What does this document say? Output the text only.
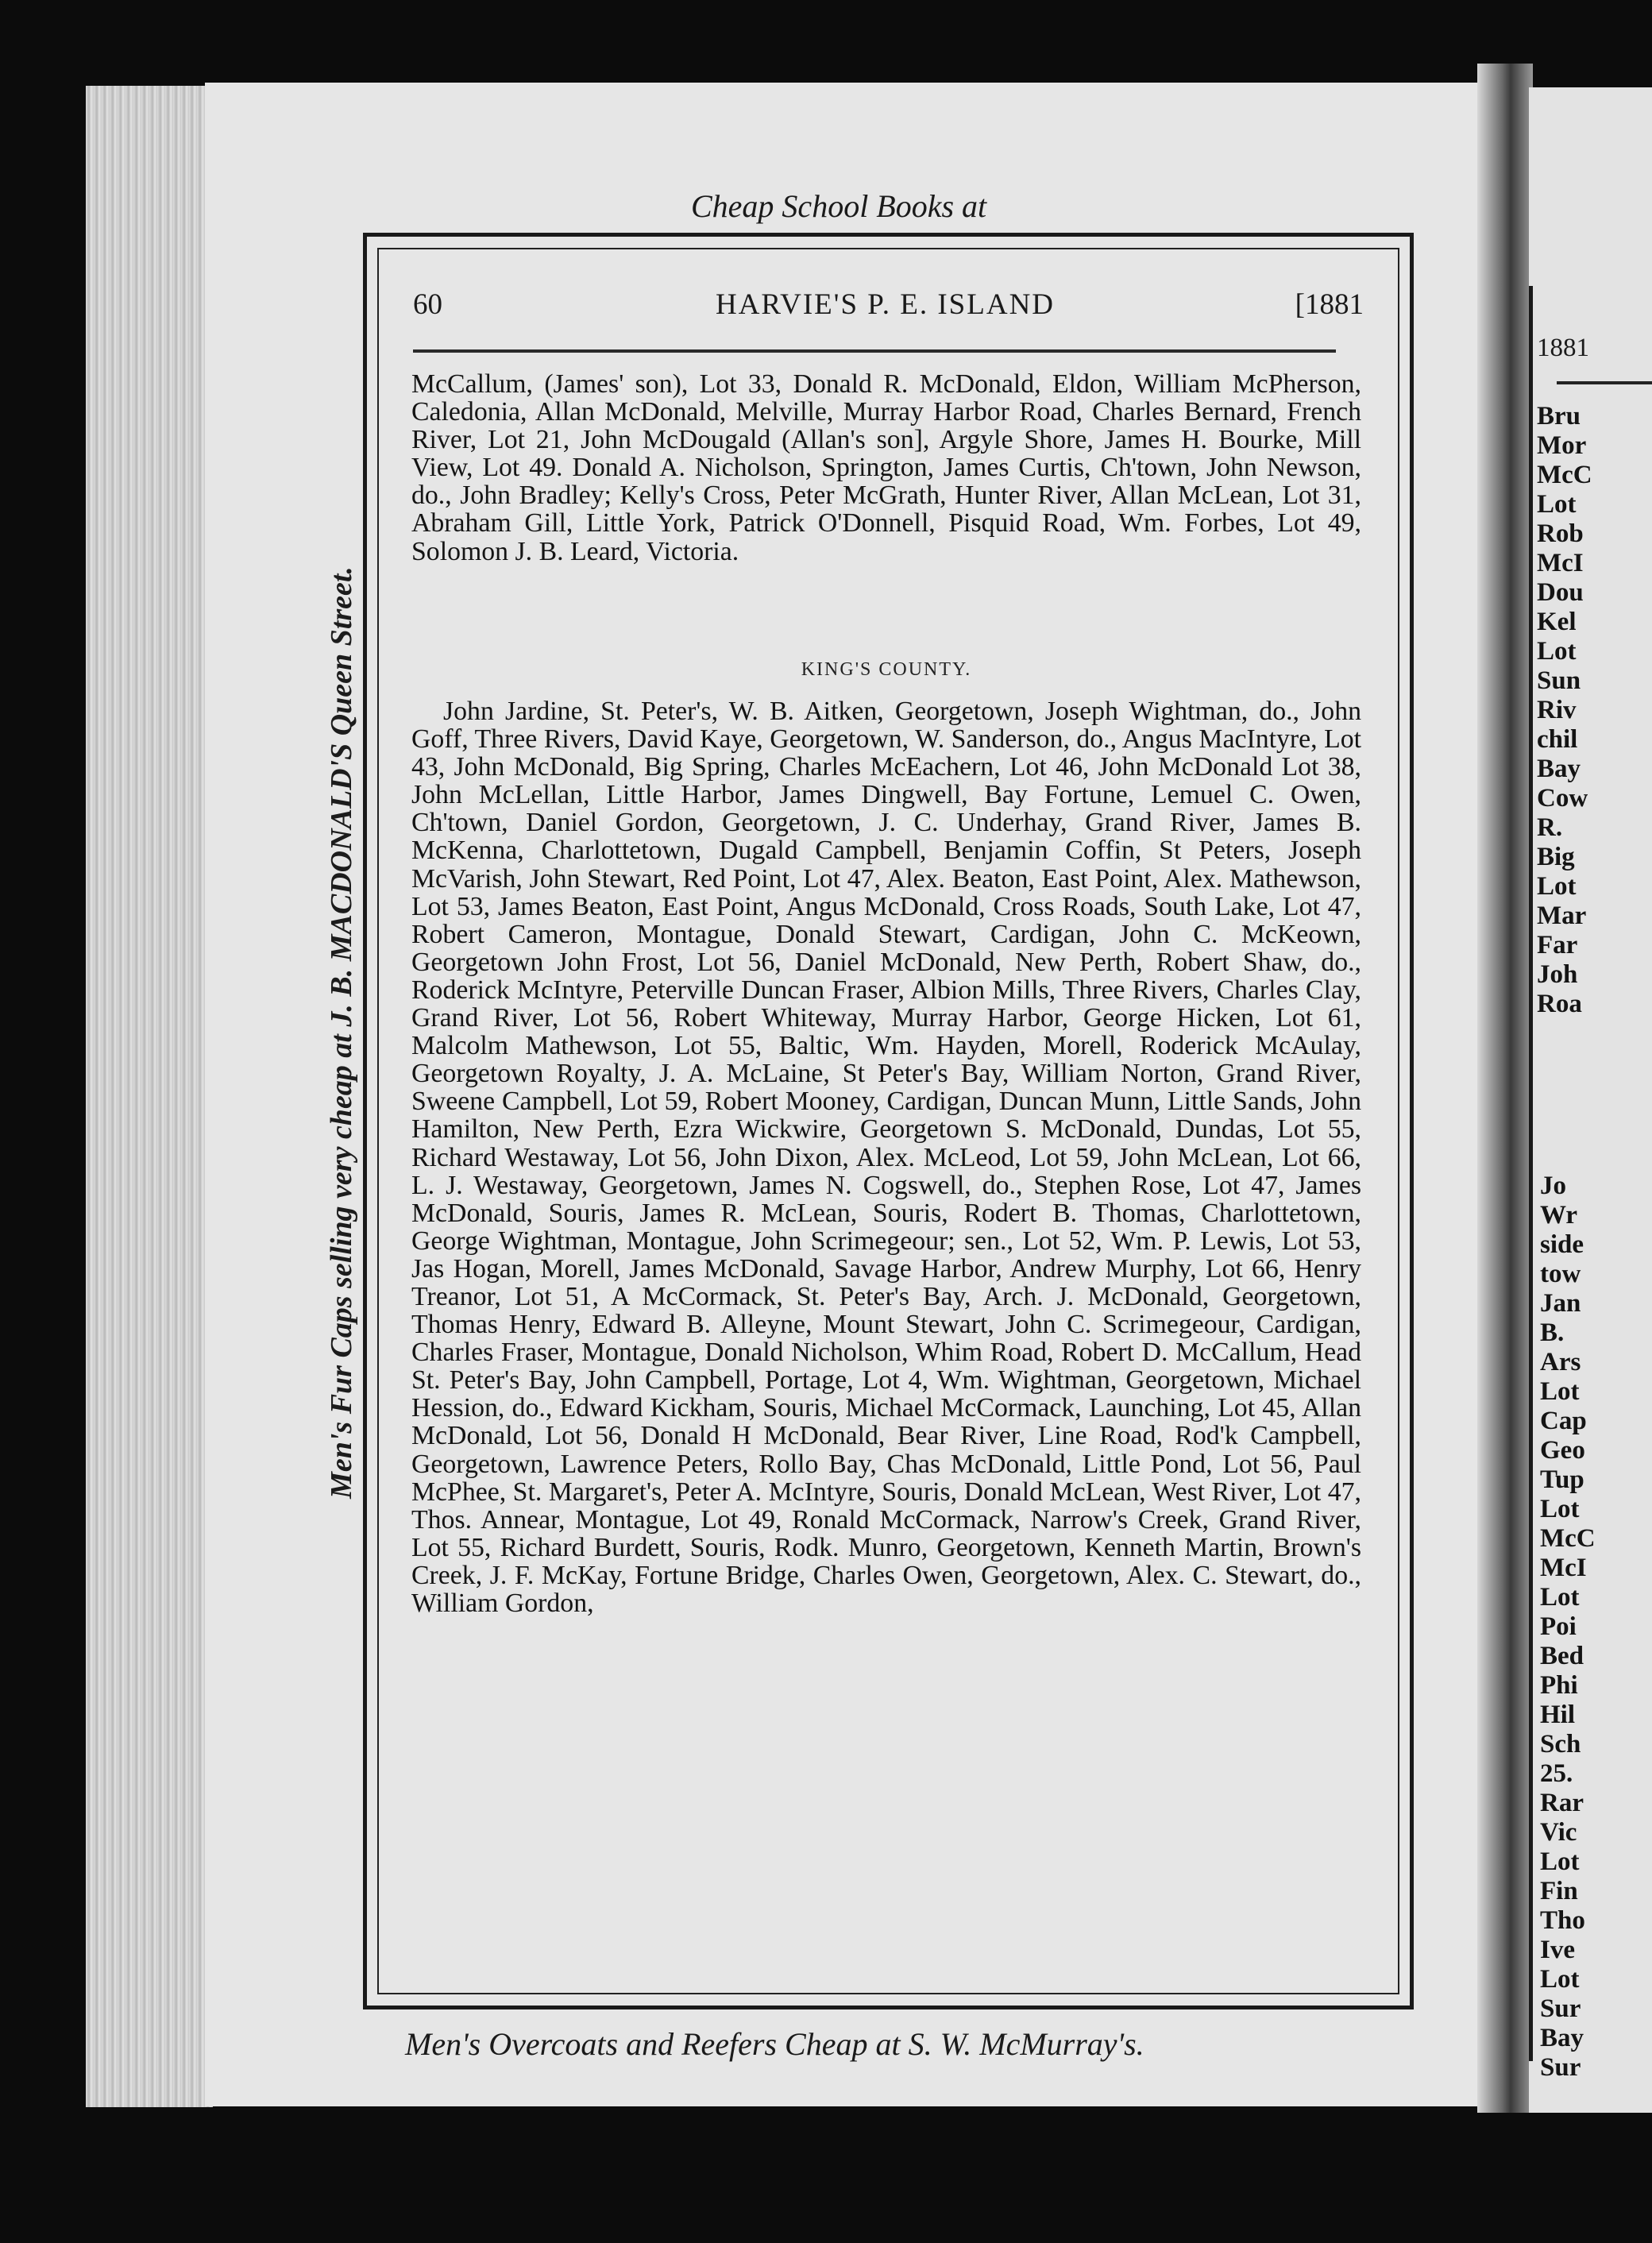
1881
Bru
Mor
McC
Lot
Rob
McI
Dou
Kel
Lot
Sun
Riv
chil
Bay
Cow
R.
Big
Lot
Mar
Far
Joh
Roa
Jo
Wr
side
tow
Jan
B.
Ars
Lot
Cap
Geo
Tup
Lot
McC
McI
Lot
Poi
Bed
Phi
Hil
Sch
25.
Rar
Vic
Lot
Fin
Tho
Ive
Lot
Sur
Bay
Sur
Cheap School Books at
Men's Fur Caps selling very cheap at J. B. MACDONALD'S Queen Street.
60	HARVIE'S P. E. ISLAND	[1881
McCallum, (James' son), Lot 33, Donald R. McDonald, Eldon, William McPherson, Caledonia, Allan McDonald, Melville, Murray Harbor Road, Charles Bernard, French River, Lot 21, John McDougald (Allan's son], Argyle Shore, James H. Bourke, Mill View, Lot 49. Donald A. Nicholson, Springton, James Curtis, Ch'town, John Newson, do., John Bradley; Kelly's Cross, Peter McGrath, Hunter River, Allan McLean, Lot 31, Abraham Gill, Little York, Patrick O'Donnell, Pisquid Road, Wm. Forbes, Lot 49, Solomon J. B. Leard, Victoria.
KING'S COUNTY.
John Jardine, St. Peter's, W. B. Aitken, Georgetown, Joseph Wightman, do., John Goff, Three Rivers, David Kaye, Georgetown, W. Sanderson, do., Angus MacIntyre, Lot 43, John McDonald, Big Spring, Charles McEachern, Lot 46, John McDonald Lot 38, John McLellan, Little Harbor, James Dingwell, Bay Fortune, Lemuel C. Owen, Ch'town, Daniel Gordon, Georgetown, J. C. Underhay, Grand River, James B. McKenna, Charlottetown, Dugald Campbell, Benjamin Coffin, St Peters, Joseph McVarish, John Stewart, Red Point, Lot 47, Alex. Beaton, East Point, Alex. Mathewson, Lot 53, James Beaton, East Point, Angus McDonald, Cross Roads, South Lake, Lot 47, Robert Cameron, Montague, Donald Stewart, Cardigan, John C. McKeown, Georgetown John Frost, Lot 56, Daniel McDonald, New Perth, Robert Shaw, do., Roderick McIntyre, Peterville Duncan Fraser, Albion Mills, Three Rivers, Charles Clay, Grand River, Lot 56, Robert Whiteway, Murray Harbor, George Hicken, Lot 61, Malcolm Mathewson, Lot 55, Baltic, Wm. Hayden, Morell, Roderick McAulay, Georgetown Royalty, J. A. McLaine, St Peter's Bay, William Norton, Grand River, Sweene Campbell, Lot 59, Robert Mooney, Cardigan, Duncan Munn, Little Sands, John Hamilton, New Perth, Ezra Wickwire, Georgetown S. McDonald, Dundas, Lot 55, Richard Westaway, Lot 56, John Dixon, Alex. McLeod, Lot 59, John McLean, Lot 66, L. J. Westaway, Georgetown, James N. Cogswell, do., Stephen Rose, Lot 47, James McDonald, Souris, James R. McLean, Souris, Rodert B. Thomas, Charlottetown, George Wightman, Montague, John Scrimegeour; sen., Lot 52, Wm. P. Lewis, Lot 53, Jas Hogan, Morell, James McDonald, Savage Harbor, Andrew Murphy, Lot 66, Henry Treanor, Lot 51, A McCormack, St. Peter's Bay, Arch. J. McDonald, Georgetown, Thomas Henry, Edward B. Alleyne, Mount Stewart, John C. Scrimegeour, Cardigan, Charles Fraser, Montague, Donald Nicholson, Whim Road, Robert D. McCallum, Head St. Peter's Bay, John Campbell, Portage, Lot 4, Wm. Wightman, Georgetown, Michael Hession, do., Edward Kickham, Souris, Michael McCormack, Launching, Lot 45, Allan McDonald, Lot 56, Donald H McDonald, Bear River, Line Road, Rod'k Campbell, Georgetown, Lawrence Peters, Rollo Bay, Chas McDonald, Little Pond, Lot 56, Paul McPhee, St. Margaret's, Peter A. McIntyre, Souris, Donald McLean, West River, Lot 47, Thos. Annear, Montague, Lot 49, Ronald McCormack, Narrow's Creek, Grand River, Lot 55, Richard Burdett, Souris, Rodk. Munro, Georgetown, Kenneth Martin, Brown's Creek, J. F. McKay, Fortune Bridge, Charles Owen, Georgetown, Alex. C. Stewart, do., William Gordon,
Men's Overcoats and Reefers Cheap at S. W. McMurray's.
